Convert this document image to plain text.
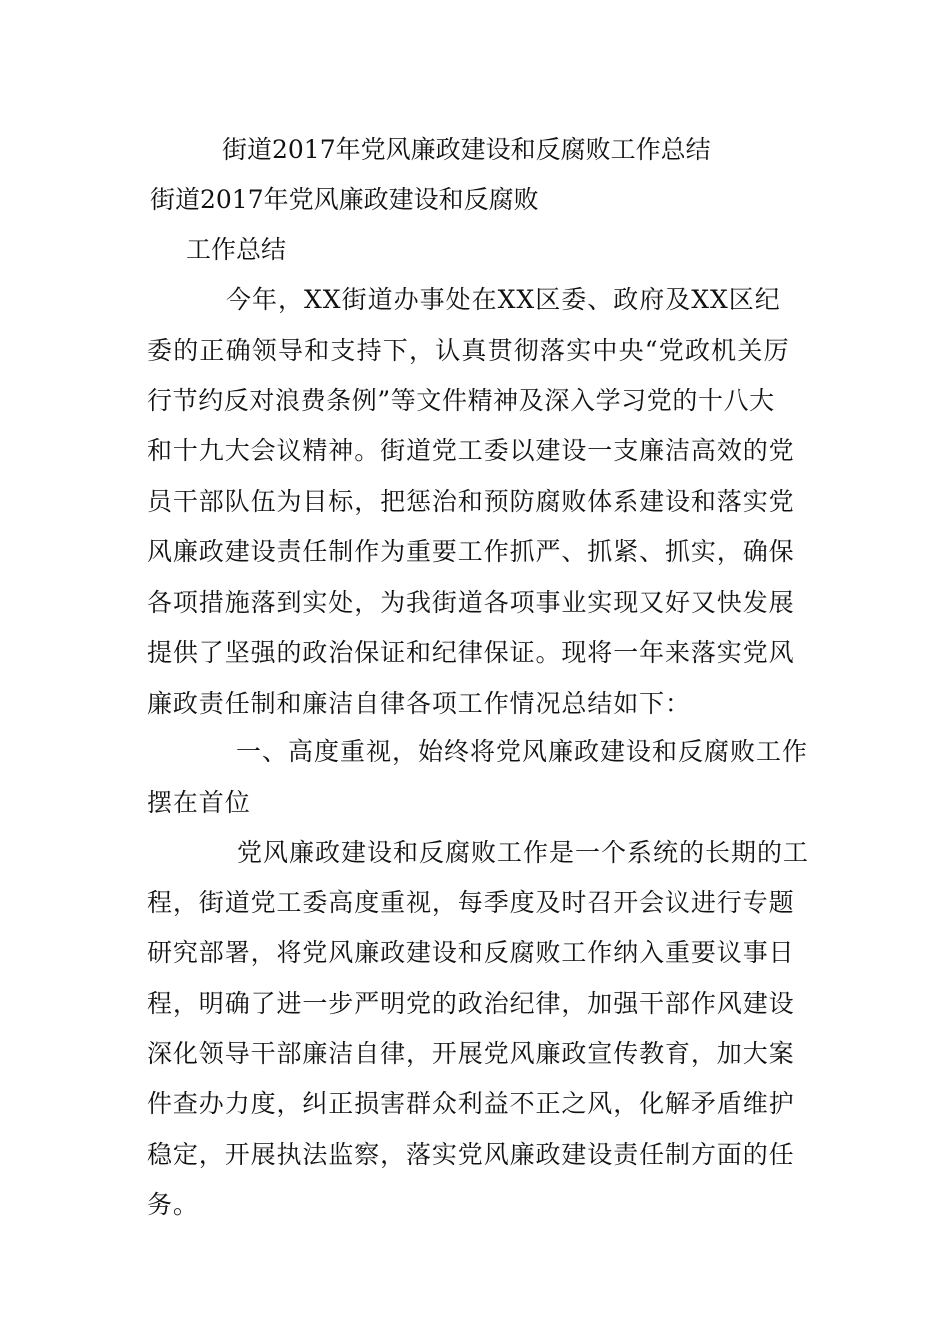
街道2017年党风廉政建设和反腐败工作总结
街道2017年党风廉政建设和反腐败
工作总结
今年，XX街道办事处在XX区委、政府及XX区纪
委的正确领导和支持下，认真贯彻落实中央“党政机关厉
行节约反对浪费条例”等文件精神及深入学习党的十八大
和十九大会议精神。街道党工委以建设一支廉洁高效的党
员干部队伍为目标，把惩治和预防腐败体系建设和落实党
风廉政建设责任制作为重要工作抓严、抓紧、抓实，确保
各项措施落到实处，为我街道各项事业实现又好又快发展
提供了坚强的政治保证和纪律保证。现将一年来落实党风
廉政责任制和廉洁自律各项工作情况总结如下：
一、高度重视，始终将党风廉政建设和反腐败工作
摆在首位
党风廉政建设和反腐败工作是一个系统的长期的工
程，街道党工委高度重视，每季度及时召开会议进行专题
研究部署，将党风廉政建设和反腐败工作纳入重要议事日
程，明确了进一步严明党的政治纪律，加强干部作风建设
深化领导干部廉洁自律，开展党风廉政宣传教育，加大案
件查办力度，纠正损害群众利益不正之风，化解矛盾维护
稳定，开展执法监察，落实党风廉政建设责任制方面的任
务。
